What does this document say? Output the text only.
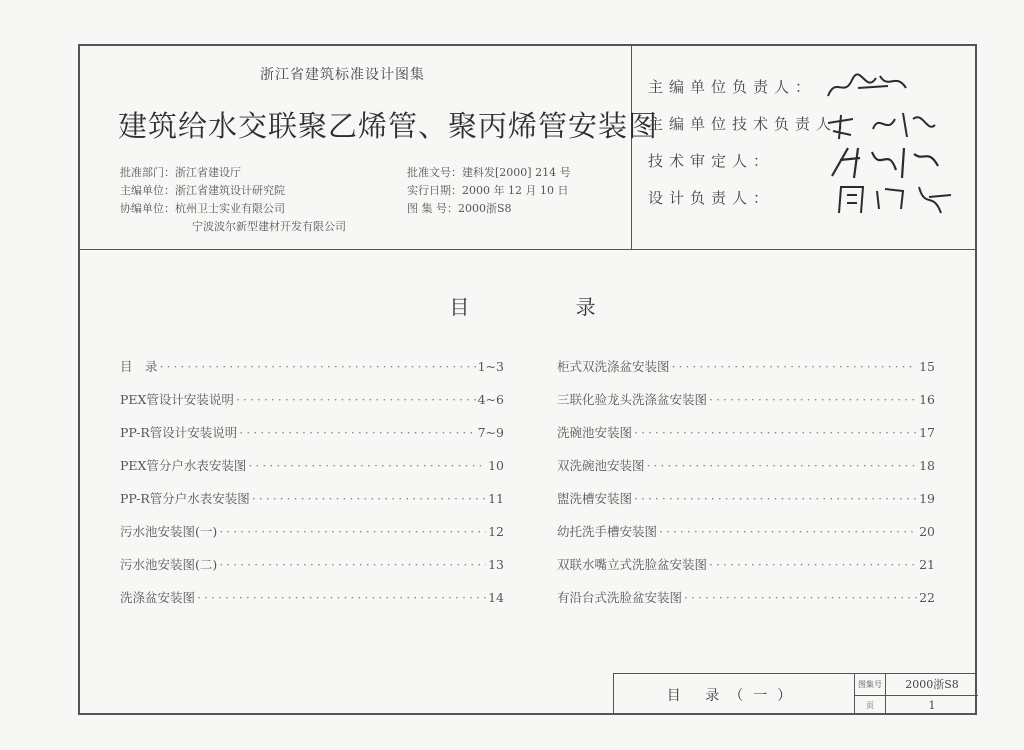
浙江省建筑标准设计图集
建筑给水交联聚乙烯管、聚丙烯管安装图
批准部门：浙江省建设厅
主编单位：浙江省建筑设计研究院
协编单位：杭州卫士实业有限公司
宁波波尔新型建材开发有限公司
批准文号：建科发[2000] 214 号
实行日期：2000 年 12 月 10 日
图 集 号：2000浙S8
主编单位负责人：
主编单位技术负责人：
技术审定人：
设计负责人：
目 录
目　录 ·····	1~3
PEX管设计安装说明 ·····	4~6
PP-R管设计安装说明 ·····	7~9
PEX管分户水表安装图 ·····	10
PP-R管分户水表安装图 ·····	11
污水池安装图(一) ·····	12
污水池安装图(二) ·····	13
洗涤盆安装图 ·····	14
柜式双洗涤盆安装图 ·····	15
三联化验龙头洗涤盆安装图 ·····	16
洗碗池安装图 ·····	17
双洗碗池安装图 ·····	18
盥洗槽安装图 ·····	19
幼托洗手槽安装图 ·····	20
双联水嘴立式洗脸盆安装图 ·····	21
有沿台式洗脸盆安装图 ·····	22
目 录（一）
图集号	2000浙S8
页	1
